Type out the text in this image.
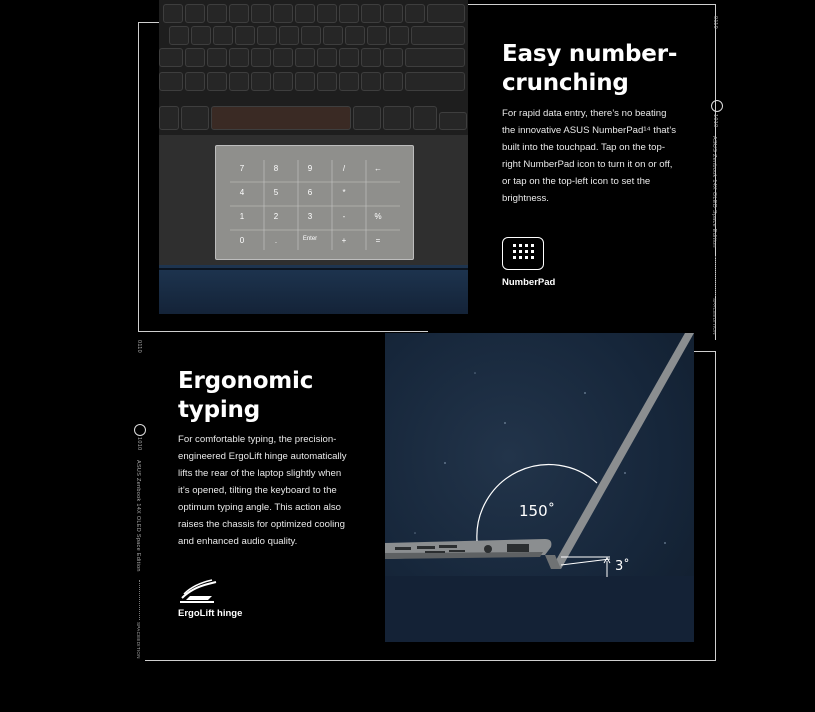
0110
1010
ASUS Zenbook 14X OLED Space Edition
SPACEEDITION
0110
1010
ASUS Zenbook 14X OLED Space Edition
SPACEEDITION
7	8	9	/	←
4	5	6	*
1	2	3	-	%
0	.	Enter	+	=
Easy number-
crunching
For rapid data entry, there’s no beating
the innovative ASUS NumberPad¹⁴ that’s
built into the touchpad. Tap on the top-
right NumberPad icon to turn it on or off,
or tap on the top-left icon to set the
brightness.
NumberPad
150˚
3˚
Ergonomic
typing
For comfortable typing, the precision-
engineered ErgoLift hinge automatically
lifts the rear of the laptop slightly when
it’s opened, tilting the keyboard to the
optimum typing angle. This action also
raises the chassis for optimized cooling
and enhanced audio quality.
ErgoLift hinge
